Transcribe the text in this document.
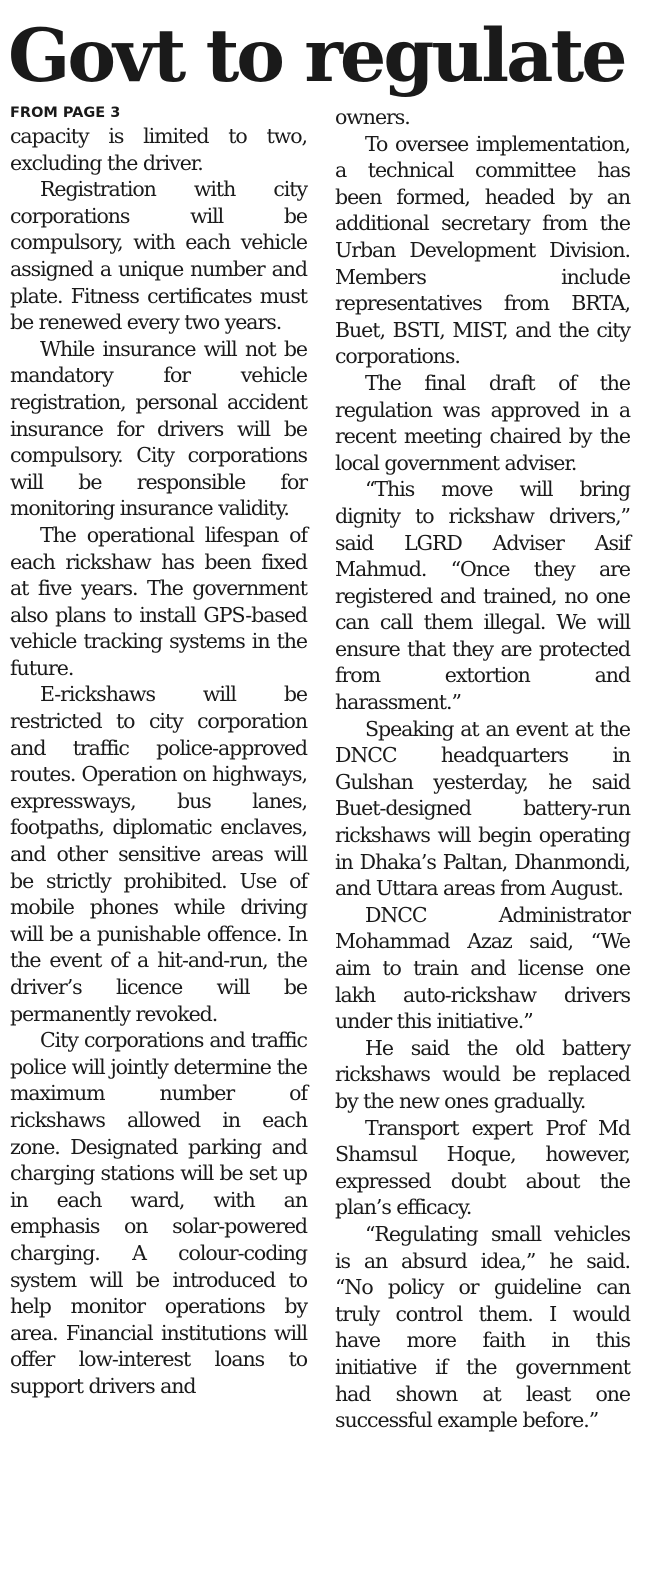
Govt to regulate
FROM PAGE 3

capacity is limited to two, excluding the driver.

Registration with city corporations will be compulsory, with each vehicle assigned a unique number and plate. Fitness certificates must be renewed every two years.

While insurance will not be mandatory for vehicle registration, personal accident insurance for drivers will be compulsory. City corporations will be responsible for monitoring insurance validity.

The operational lifespan of each rickshaw has been fixed at five years. The government also plans to install GPS-based vehicle tracking systems in the future.

E-rickshaws will be restricted to city corporation and traffic police-approved routes. Operation on highways, expressways, bus lanes, footpaths, diplomatic enclaves, and other sensitive areas will be strictly prohibited. Use of mobile phones while driving will be a punishable offence. In the event of a hit-and-run, the driver’s licence will be permanently revoked.

City corporations and traffic police will jointly determine the maximum number of rickshaws allowed in each zone. Designated parking and charging stations will be set up in each ward, with an emphasis on solar-powered charging. A colour-coding system will be introduced to help monitor operations by area. Financial institutions will offer low-interest loans to support drivers and

owners.

To oversee implementation, a technical committee has been formed, headed by an additional secretary from the Urban Development Division. Members include representatives from BRTA, Buet, BSTI, MIST, and the city corporations.

The final draft of the regulation was approved in a recent meeting chaired by the local government adviser.

“This move will bring dignity to rickshaw drivers,” said LGRD Adviser Asif Mahmud. “Once they are registered and trained, no one can call them illegal. We will ensure that they are protected from extortion and harassment.”

Speaking at an event at the DNCC headquarters in Gulshan yesterday, he said Buet-designed battery-run rickshaws will begin operating in Dhaka’s Paltan, Dhanmondi, and Uttara areas from August.

DNCC Administrator Mohammad Azaz said, “We aim to train and license one lakh auto-rickshaw drivers under this initiative.”

He said the old battery rickshaws would be replaced by the new ones gradually.

Transport expert Prof Md Shamsul Hoque, however, expressed doubt about the plan’s efficacy.

“Regulating small vehicles is an absurd idea,” he said. “No policy or guideline can truly control them. I would have more faith in this initiative if the government had shown at least one successful example before.”
